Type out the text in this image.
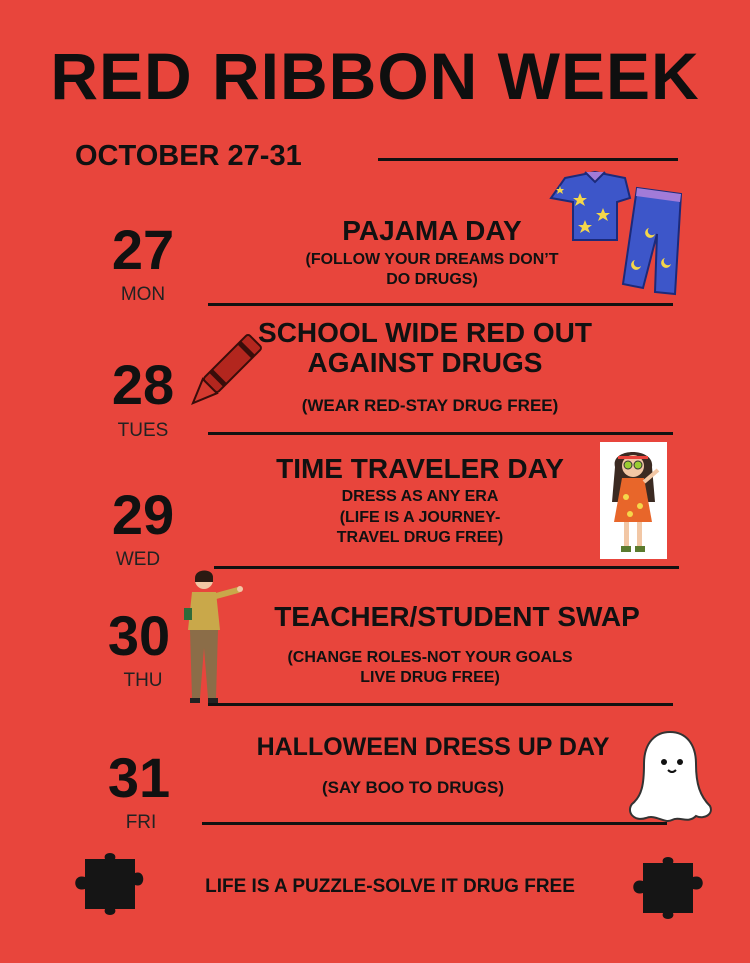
RED RIBBON WEEK
OCTOBER 27-31
27
MON
PAJAMA DAY
(FOLLOW YOUR DREAMS DON’T
DO DRUGS)
28
TUES
SCHOOL WIDE RED OUT
AGAINST DRUGS
(WEAR RED-STAY DRUG FREE)
29
WED
TIME TRAVELER DAY
DRESS AS ANY ERA
(LIFE IS A JOURNEY-
TRAVEL DRUG FREE)
30
THU
TEACHER/STUDENT SWAP
(CHANGE ROLES-NOT YOUR GOALS
LIVE DRUG FREE)
31
FRI
HALLOWEEN DRESS UP DAY
(SAY BOO TO DRUGS)
LIFE IS A PUZZLE-SOLVE IT DRUG FREE
